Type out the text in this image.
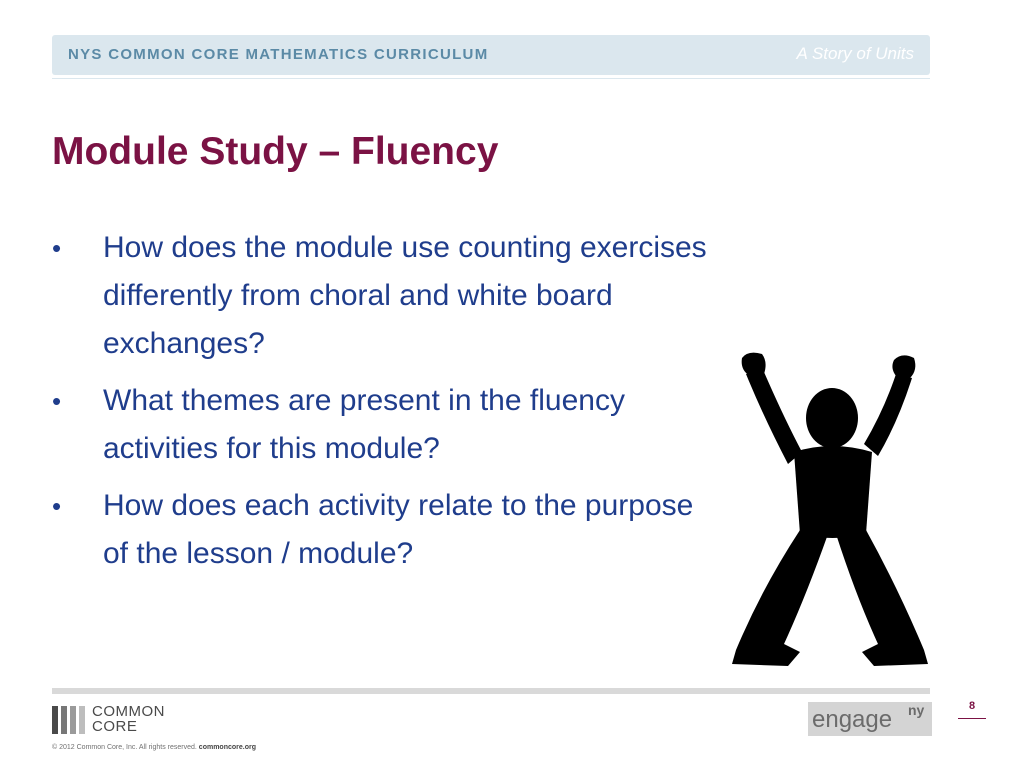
NYS COMMON CORE MATHEMATICS CURRICULUM	A Story of Units
Module Study – Fluency
• How does the module use counting exercises differently from choral and white board exchanges?
• What themes are present in the fluency activities for this module?
• How does each activity relate to the purpose of the lesson / module?
COMMON
CORE
© 2012 Common Core, Inc. All rights reserved. commoncore.org
engage ny	8
